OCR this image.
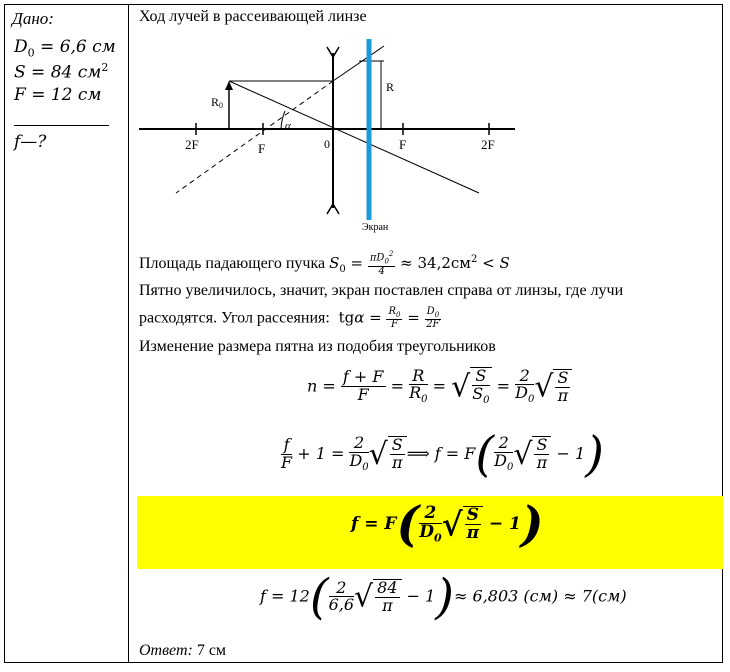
Дано:
$D_0 = 6,6$ см
S = 84 $см^2$
F = 12 см
f—?
Ход лучей в рассеивающей линзе
2F	F	0	F	2F
R0
R
α
Экран
Площадь падающего пучка $S_0 = \frac{\pi D_0^2}{4} \approx 34,2см^2 < S$
Пятно увеличилось, значит, экран поставлен справа от линзы, где лучи
расходятся. Угол рассеяния:  $tg\alpha = \frac{R_0}{F} = \frac{D_0}{2F}$
Изменение размера пятна из подобия треугольников
$n = \frac{f + F}{F} = \frac{R}{R_0}$ = √ $\frac{S}{S_0} = \frac{2}{D_0}$ √ $\frac{S}{\pi}$
$\frac{f}{F} + 1 = \frac{2}{D_0}$ √ $\frac{S}{\pi}$ ⟹ $f = F( \frac{2}{D_0}$ √ $\frac{S}{\pi} - 1$)
$f = F( \frac{2}{D_0}$ √ $\frac{S}{\pi} - 1$)
$f = 12( \frac{2}{6,6}$ √ $\frac{84}{\pi} - 1)\approx 6,803$ (см) ≈ 7(см)
Ответ: 7 см
